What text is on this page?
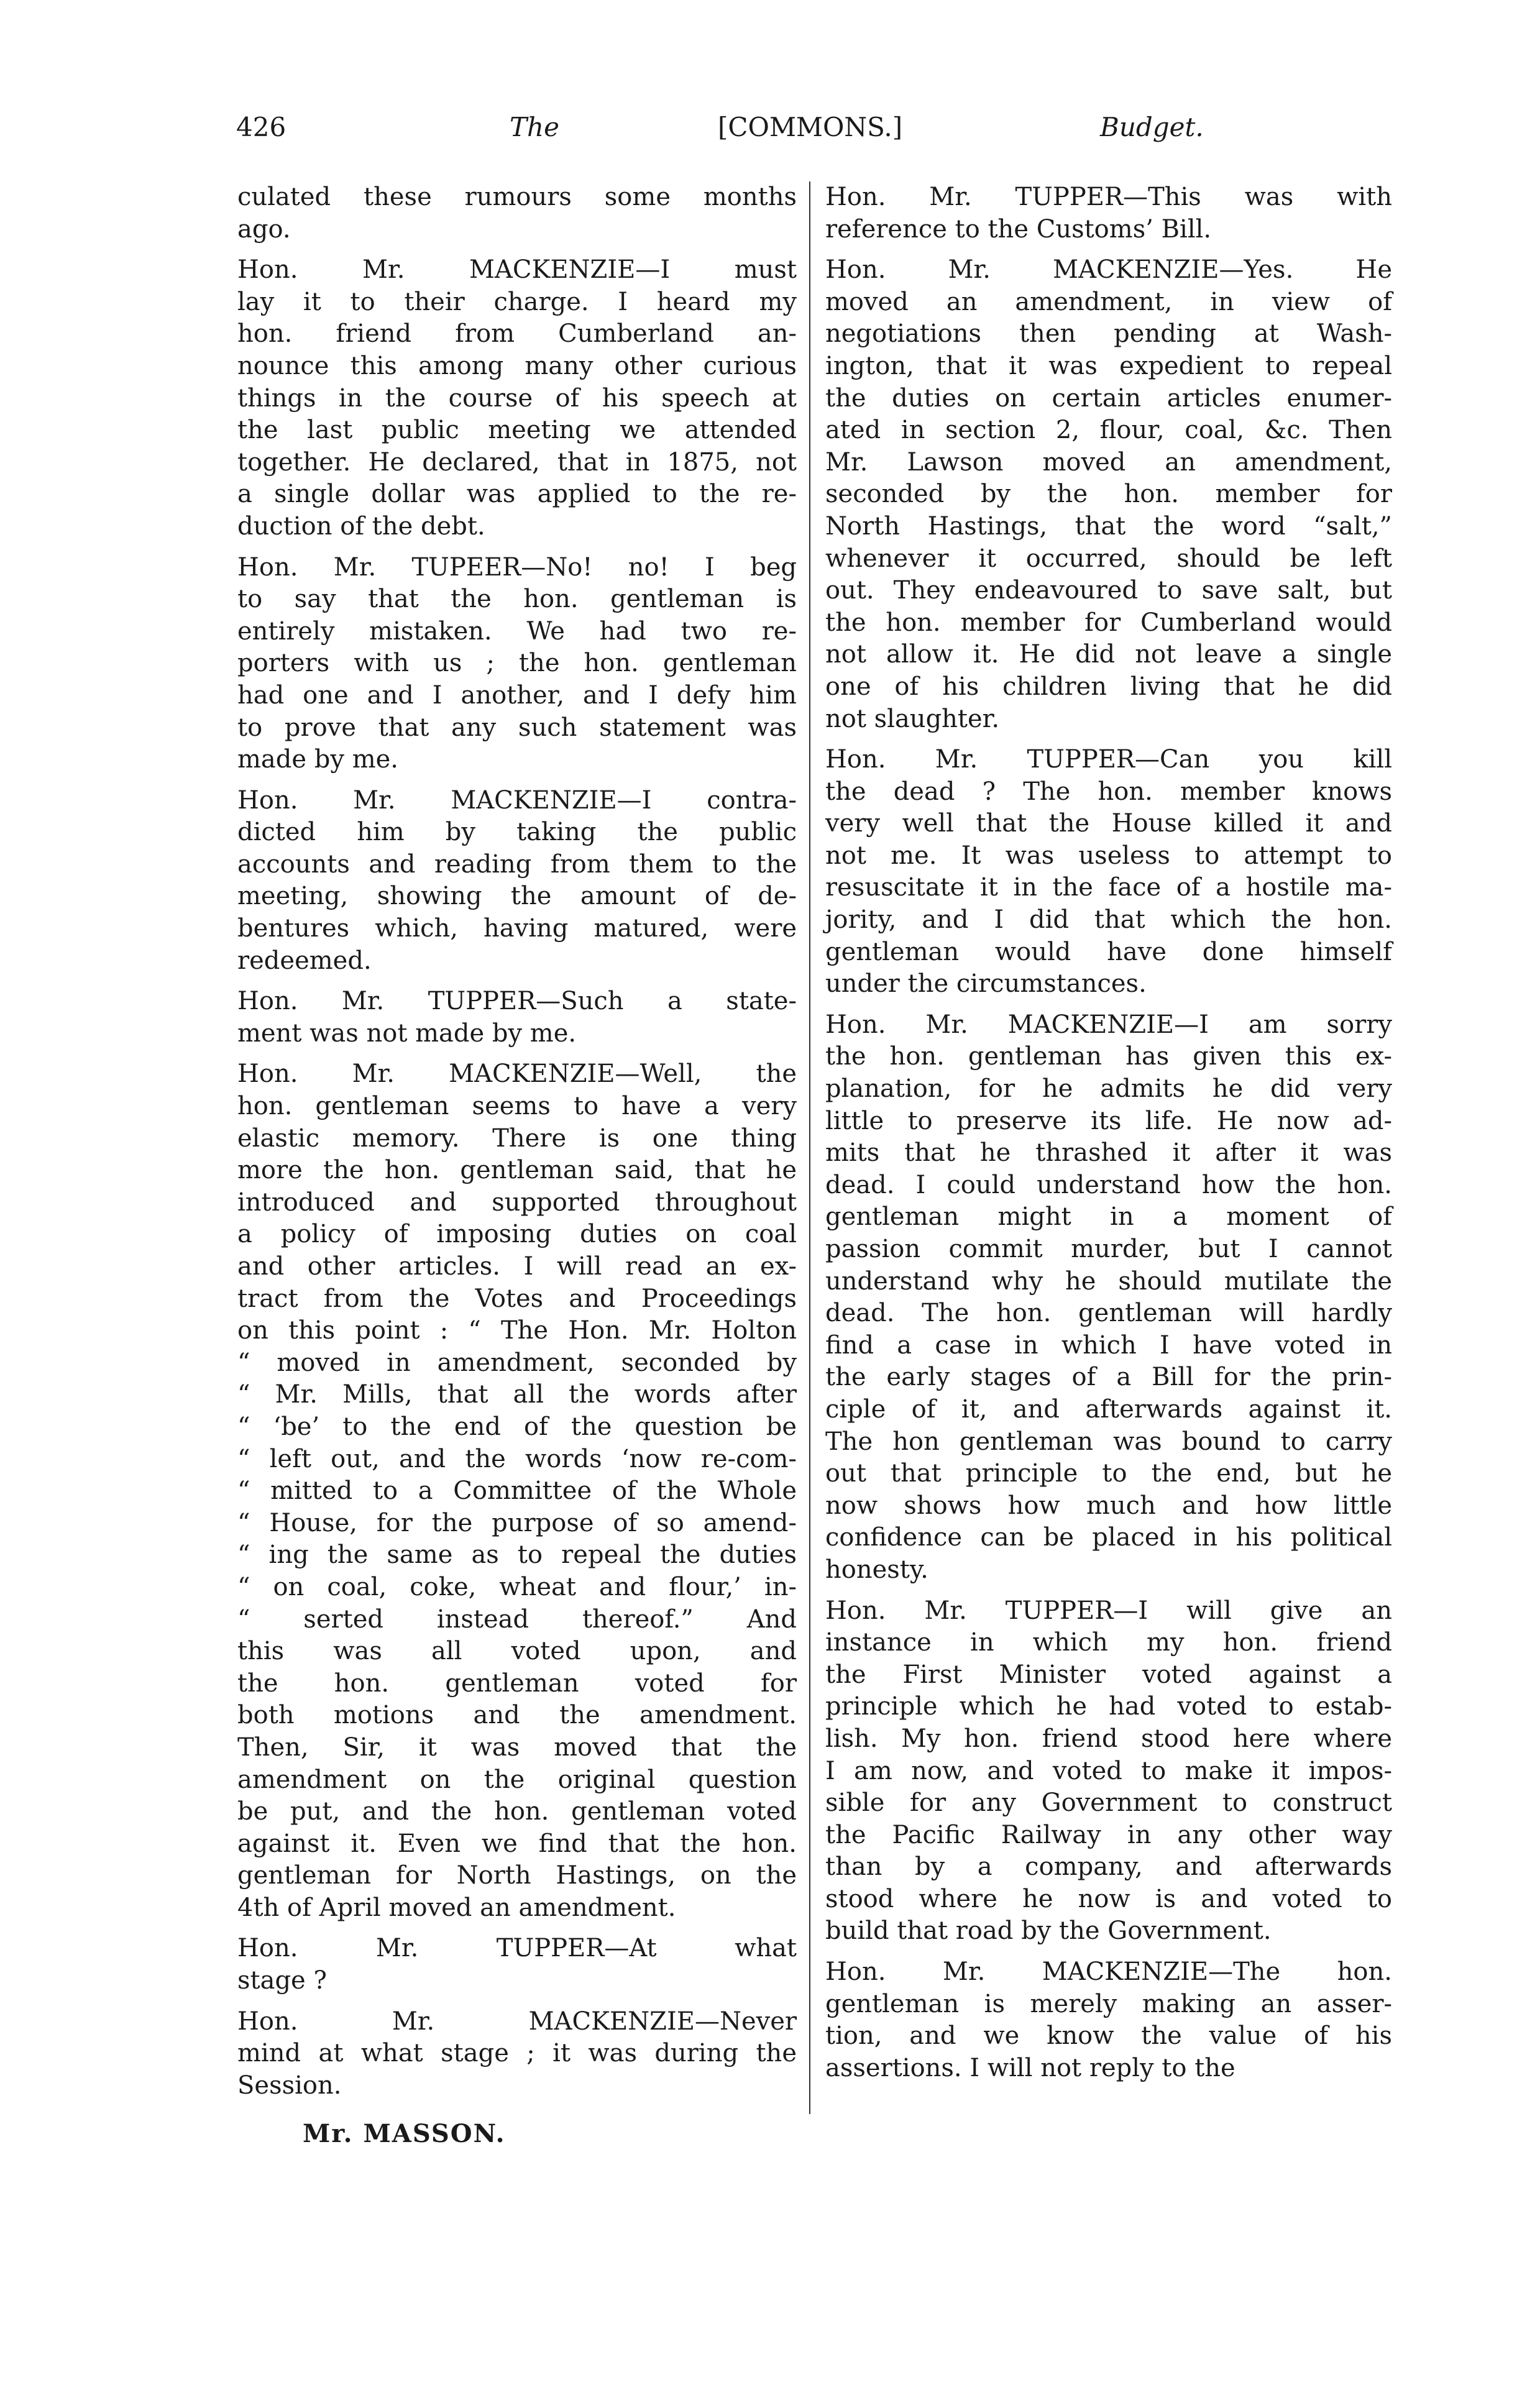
426	The	[COMMONS.]	Budget.
culated these rumours some months
ago.
Hon. Mr. MACKENZIE—I must
lay it to their charge. I heard my
hon. friend from Cumberland an-
nounce this among many other curious
things in the course of his speech at
the last public meeting we attended
together. He declared, that in 1875, not
a single dollar was applied to the re-
duction of the debt.
Hon. Mr. TUPEER—No! no! I beg
to say that the hon. gentleman is
entirely mistaken. We had two re-
porters with us ; the hon. gentleman
had one and I another, and I defy him
to prove that any such statement was
made by me.
Hon. Mr. MACKENZIE—I contra-
dicted him by taking the public
accounts and reading from them to the
meeting, showing the amount of de-
bentures which, having matured, were
redeemed.
Hon. Mr. TUPPER—Such a state-
ment was not made by me.
Hon. Mr. MACKENZIE—Well, the
hon. gentleman seems to have a very
elastic memory. There is one thing
more the hon. gentleman said, that he
introduced and supported throughout
a policy of imposing duties on coal
and other articles. I will read an ex-
tract from the Votes and Proceedings
on this point : “ The Hon. Mr. Holton
“ moved in amendment, seconded by
“ Mr. Mills, that all the words after
“ ‘be’ to the end of the question be
“ left out, and the words ‘now re-com-
“ mitted to a Committee of the Whole
“ House, for the purpose of so amend-
“ ing the same as to repeal the duties
“ on coal, coke, wheat and flour,’ in-
“ serted instead thereof.” And
this was all voted upon, and
the hon. gentleman voted for
both motions and the amendment.
Then, Sir, it was moved that the
amendment on the original question
be put, and the hon. gentleman voted
against it. Even we find that the hon.
gentleman for North Hastings, on the
4th of April moved an amendment.
Hon. Mr. TUPPER—At what
stage ?
Hon. Mr. MACKENZIE—Never
mind at what stage ; it was during the
Session.
Mr. MASSON.
Hon. Mr. TUPPER—This was with
reference to the Customs’ Bill.
Hon. Mr. MACKENZIE—Yes. He
moved an amendment, in view of
negotiations then pending at Wash-
ington, that it was expedient to repeal
the duties on certain articles enumer-
ated in section 2, flour, coal, &c. Then
Mr. Lawson moved an amendment,
seconded by the hon. member for
North Hastings, that the word “salt,”
whenever it occurred, should be left
out. They endeavoured to save salt, but
the hon. member for Cumberland would
not allow it. He did not leave a single
one of his children living that he did
not slaughter.
Hon. Mr. TUPPER—Can you kill
the dead ? The hon. member knows
very well that the House killed it and
not me. It was useless to attempt to
resuscitate it in the face of a hostile ma-
jority, and I did that which the hon.
gentleman would have done himself
under the circumstances.
Hon. Mr. MACKENZIE—I am sorry
the hon. gentleman has given this ex-
planation, for he admits he did very
little to preserve its life. He now ad-
mits that he thrashed it after it was
dead. I could understand how the hon.
gentleman might in a moment of
passion commit murder, but I cannot
understand why he should mutilate the
dead. The hon. gentleman will hardly
find a case in which I have voted in
the early stages of a Bill for the prin-
ciple of it, and afterwards against it.
The hon gentleman was bound to carry
out that principle to the end, but he
now shows how much and how little
confidence can be placed in his political
honesty.
Hon. Mr. TUPPER—I will give an
instance in which my hon. friend
the First Minister voted against a
principle which he had voted to estab-
lish. My hon. friend stood here where
I am now, and voted to make it impos-
sible for any Government to construct
the Pacific Railway in any other way
than by a company, and afterwards
stood where he now is and voted to
build that road by the Government.
Hon. Mr. MACKENZIE—The hon.
gentleman is merely making an asser-
tion, and we know the value of his
assertions. I will not reply to the
